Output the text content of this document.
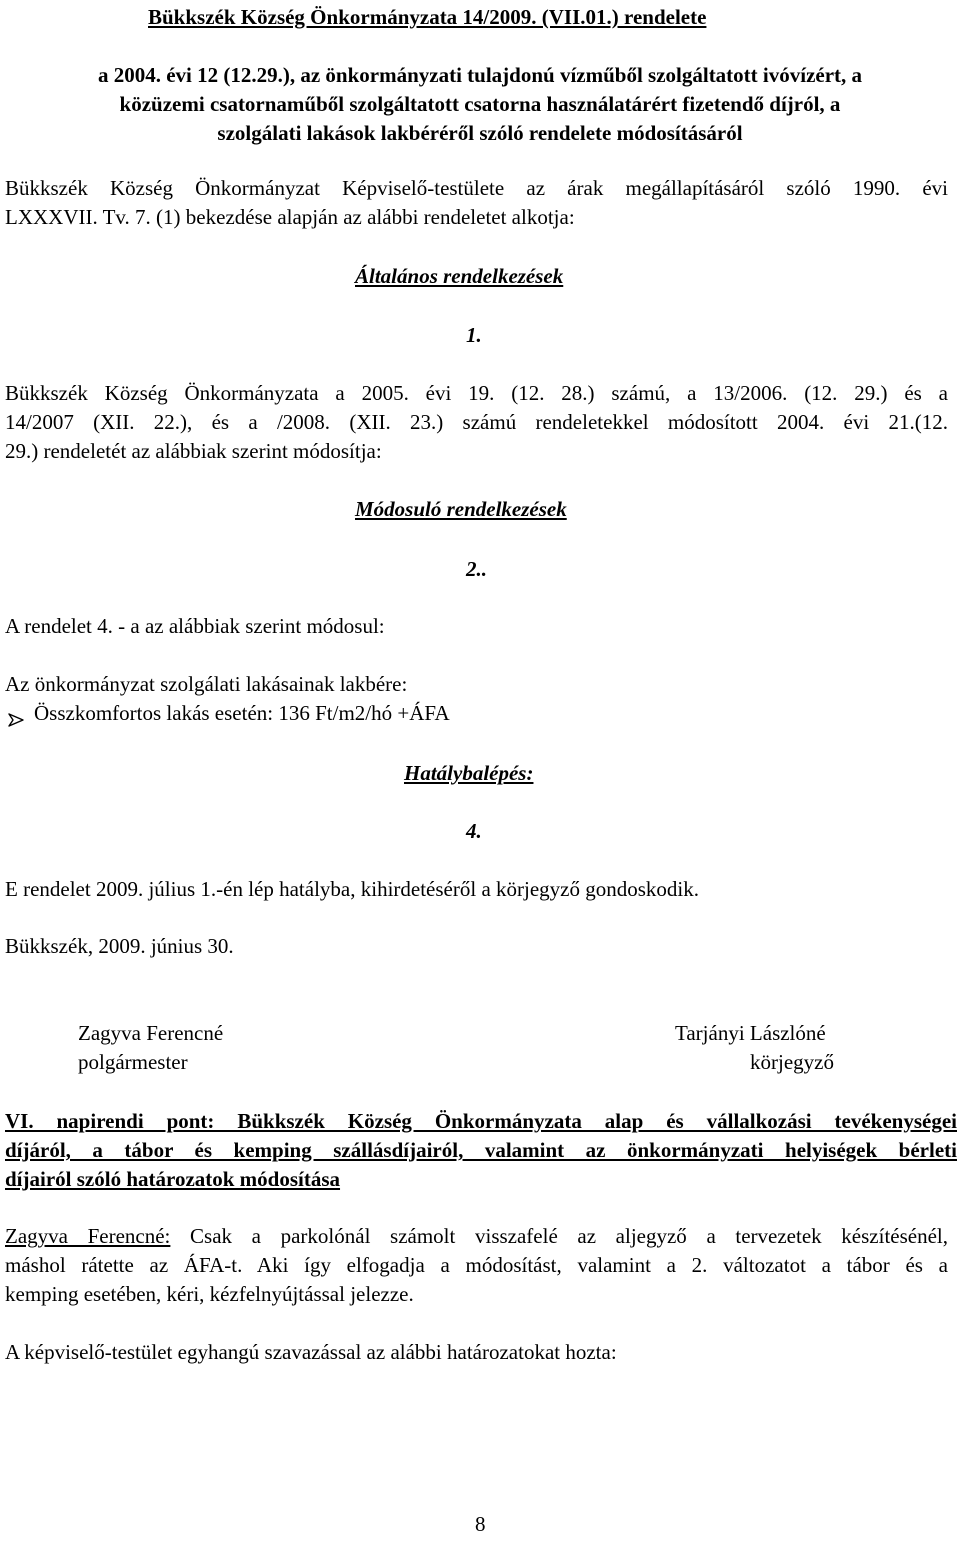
Bükkszék Község Önkormányzata 14/2009. (VII.01.) rendelete
a 2004. évi 12 (12.29.), az önkormányzati tulajdonú vízműből szolgáltatott ivóvízért, a
közüzemi csatornaműből szolgáltatott csatorna használatárért fizetendő díjról, a
szolgálati lakások lakbéréről szóló rendelete módosításáról
Bükkszék Község Önkormányzat Képviselő-testülete az árak megállapításáról szóló 1990. évi
LXXXVII. Tv. 7. (1) bekezdése alapján az alábbi rendeletet alkotja:
Általános rendelkezések
1.
Bükkszék Község Önkormányzata a 2005. évi 19. (12. 28.) számú, a 13/2006. (12. 29.) és a
14/2007 (XII. 22.), és a /2008. (XII. 23.) számú rendeletekkel módosított 2004. évi 21.(12.
29.) rendeletét az alábbiak szerint módosítja:
Módosuló rendelkezések
2..
A rendelet 4. - a az alábbiak szerint módosul:
Az önkormányzat szolgálati lakásainak lakbére:
Összkomfortos lakás esetén: 136 Ft/m2/hó +ÁFA
Hatálybalépés:
4.
E rendelet 2009. július 1.-én lép hatályba, kihirdetéséről a körjegyző gondoskodik.
Bükkszék, 2009. június 30.
Zagyva Ferencné
polgármester
Tarjányi Lászlóné
körjegyző
VI. napirendi pont: Bükkszék Község Önkormányzata alap és vállalkozási tevékenységei
díjáról, a tábor és kemping szállásdíjairól, valamint az önkormányzati helyiségek bérleti
díjairól szóló határozatok módosítása
Zagyva Ferencné: Csak a parkolónál számolt visszafelé az aljegyző a tervezetek készítésénél,
máshol rátette az ÁFA-t. Aki így elfogadja a módosítást, valamint a 2. változatot a tábor és a
kemping esetében, kéri, kézfelnyújtással jelezze.
A képviselő-testület egyhangú szavazással az alábbi határozatokat hozta:
8
